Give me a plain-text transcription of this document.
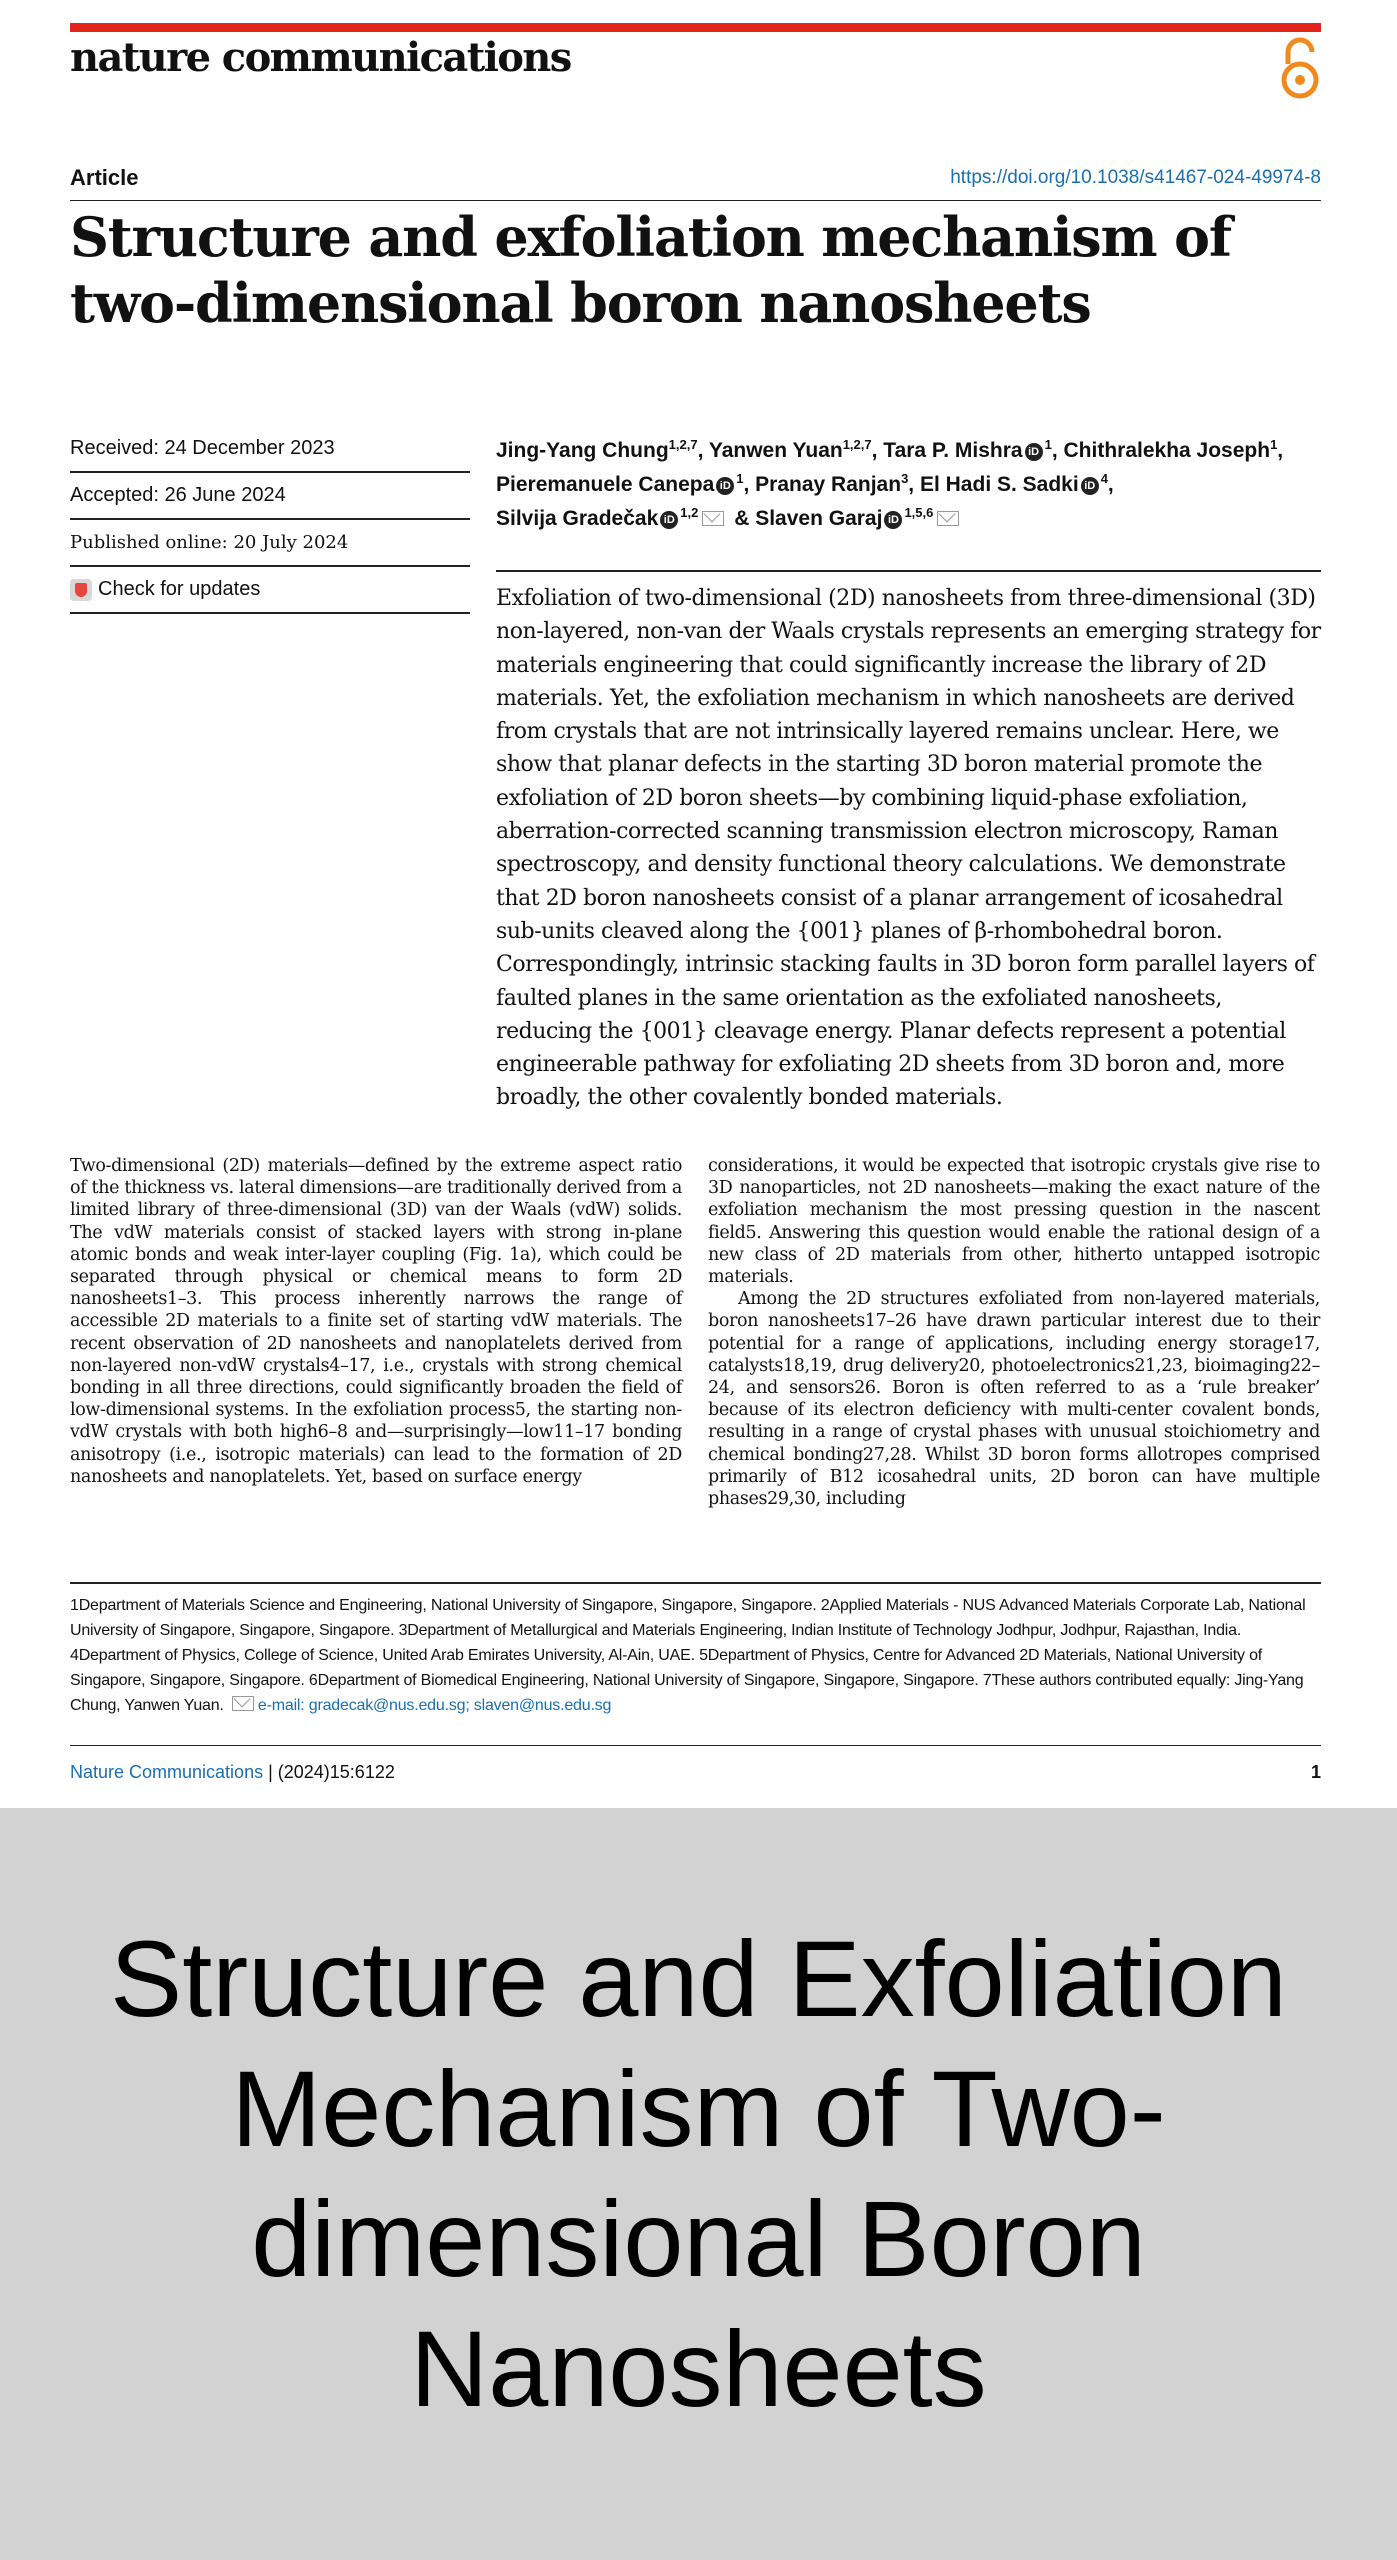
nature communications
Article	https://doi.org/10.1038/s41467-024-49974-8
Structure and exfoliation mechanism of two-dimensional boron nanosheets
Received: 24 December 2023
Accepted: 26 June 2024
Published online: 20 July 2024
Check for updates
Jing-Yang Chung$^{1,2,7}$, Yanwen Yuan$^{1,2,7}$, Tara P. Mishra iD $^1$, Chithralekha Joseph$^1$, Pieremanuele Canepa iD $^1$, Pranay Ranjan$^3$, El Hadi S. Sadki iD $^4$,
Silvija Gradečak iD $^{1,2}$ & Slaven Garaj iD $^{1,5,6}$

Exfoliation of two-dimensional (2D) nanosheets from three-dimensional (3D) non-layered, non-van der Waals crystals represents an emerging strategy for materials engineering that could significantly increase the library of 2D materials. Yet, the exfoliation mechanism in which nanosheets are derived from crystals that are not intrinsically layered remains unclear. Here, we show that planar defects in the starting 3D boron material promote the exfoliation of 2D boron sheets—by combining liquid-phase exfoliation, aberration-corrected scanning transmission electron microscopy, Raman spectroscopy, and density functional theory calculations. We demonstrate that 2D boron nanosheets consist of a planar arrangement of icosahedral sub-units cleaved along the {001} planes of β-rhombohedral boron. Correspondingly, intrinsic stacking faults in 3D boron form parallel layers of faulted planes in the same orientation as the exfoliated nanosheets, reducing the {001} cleavage energy. Planar defects represent a potential engineerable pathway for exfoliating 2D sheets from 3D boron and, more broadly, the other covalently bonded materials.

Two-dimensional (2D) materials—defined by the extreme aspect ratio of the thickness vs. lateral dimensions—are traditionally derived from a limited library of three-dimensional (3D) van der Waals (vdW) solids. The vdW materials consist of stacked layers with strong in-plane atomic bonds and weak inter-layer coupling (Fig. 1a), which could be separated through physical or chemical means to form 2D nanosheets1–3. This process inherently narrows the range of accessible 2D materials to a finite set of starting vdW materials. The recent observation of 2D nanosheets and nanoplatelets derived from non-layered non-vdW crystals4–17, i.e., crystals with strong chemical bonding in all three directions, could significantly broaden the field of low-dimensional systems. In the exfoliation process5, the starting non-vdW crystals with both high6–8 and—surprisingly—low11–17 bonding anisotropy (i.e., isotropic materials) can lead to the formation of 2D nanosheets and nanoplatelets. Yet, based on surface energy

considerations, it would be expected that isotropic crystals give rise to 3D nanoparticles, not 2D nanosheets—making the exact nature of the exfoliation mechanism the most pressing question in the nascent field5. Answering this question would enable the rational design of a new class of 2D materials from other, hitherto untapped isotropic materials.

Among the 2D structures exfoliated from non-layered materials, boron nanosheets17–26 have drawn particular interest due to their potential for a range of applications, including energy storage17, catalysts18,19, drug delivery20, photoelectronics21,23, bioimaging22–24, and sensors26. Boron is often referred to as a ‘rule breaker’ because of its electron deficiency with multi-center covalent bonds, resulting in a range of crystal phases with unusual stoichiometry and chemical bonding27,28. Whilst 3D boron forms allotropes comprised primarily of B12 icosahedral units, 2D boron can have multiple phases29,30, including

1Department of Materials Science and Engineering, National University of Singapore, Singapore, Singapore. 2Applied Materials - NUS Advanced Materials Corporate Lab, National University of Singapore, Singapore, Singapore. 3Department of Metallurgical and Materials Engineering, Indian Institute of Technology Jodhpur, Jodhpur, Rajasthan, India. 4Department of Physics, College of Science, United Arab Emirates University, Al-Ain, UAE. 5Department of Physics, Centre for Advanced 2D Materials, National University of Singapore, Singapore, Singapore. 6Department of Biomedical Engineering, National University of Singapore, Singapore, Singapore. 7These authors contributed equally: Jing-Yang Chung, Yanwen Yuan. e-mail: gradecak@nus.edu.sg; slaven@nus.edu.sg
Nature Communications | (2024)15:6122	1
Structure and Exfoliation Mechanism of Two-dimensional Boron Nanosheets
